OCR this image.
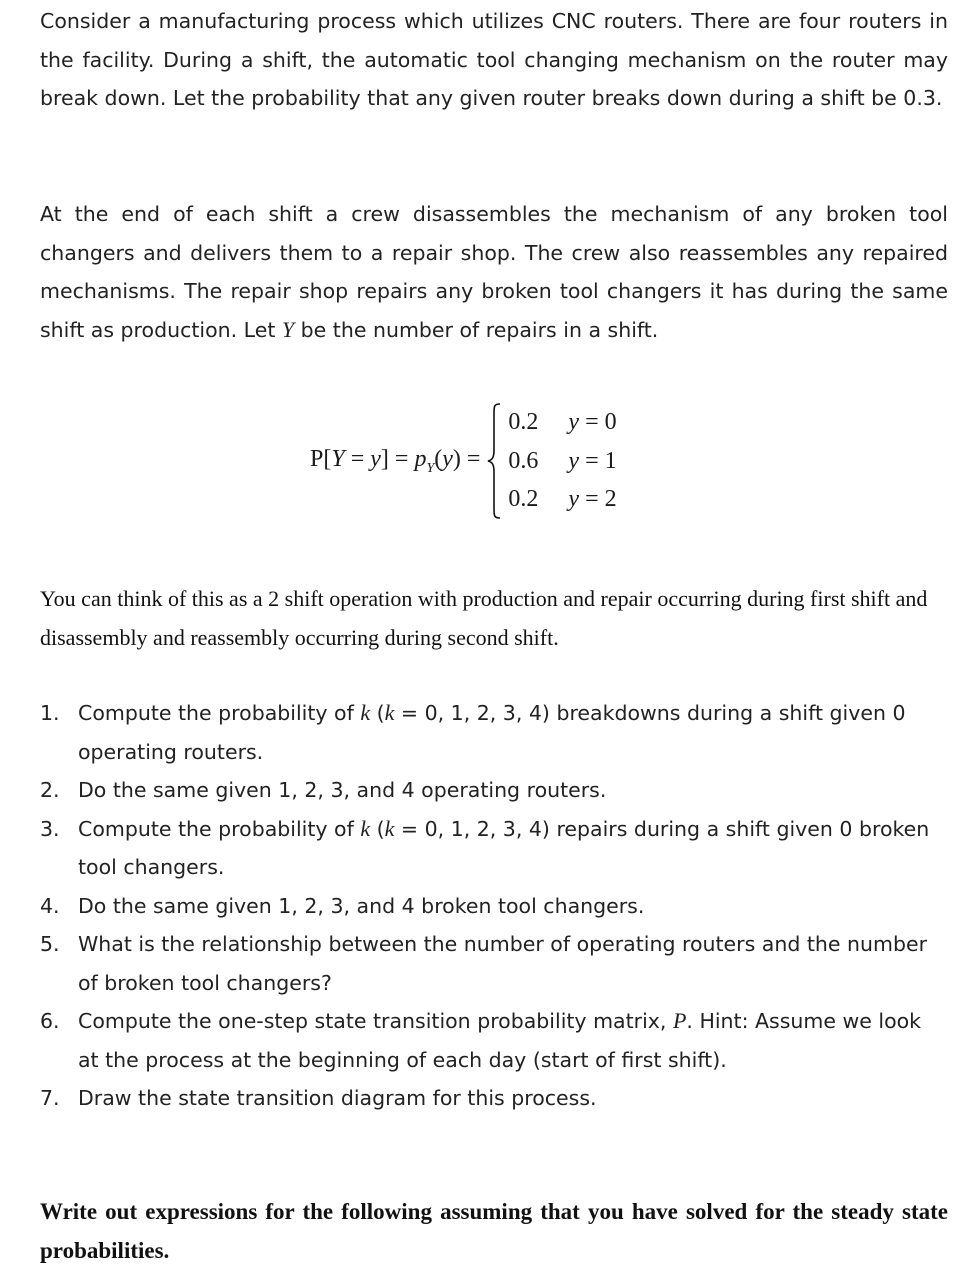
Consider a manufacturing process which utilizes CNC routers. There are four routers in the facility. During a shift, the automatic tool changing mechanism on the router may break down. Let the probability that any given router breaks down during a shift be 0.3.

At the end of each shift a crew disassembles the mechanism of any broken tool changers and delivers them to a repair shop. The crew also reassembles any repaired mechanisms. The repair shop repairs any broken tool changers it has during the same shift as production. Let Y be the number of repairs in a shift.

$P[Y = y] = p_Y(y)$ =
0.2	y = 0
0.6	y = 1
0.2	y = 2

You can think of this as a 2 shift operation with production and repair occurring during first shift and disassembly and reassembly occurring during second shift.

1. Compute the probability of k (k = 0, 1, 2, 3, 4) breakdowns during a shift given 0 operating routers.
2. Do the same given 1, 2, 3, and 4 operating routers.
3. Compute the probability of k (k = 0, 1, 2, 3, 4) repairs during a shift given 0 broken tool changers.
4. Do the same given 1, 2, 3, and 4 broken tool changers.
5. What is the relationship between the number of operating routers and the number of broken tool changers?
6. Compute the one-step state transition probability matrix, P. Hint: Assume we look at the process at the beginning of each day (start of first shift).
7. Draw the state transition diagram for this process.

Write out expressions for the following assuming that you have solved for the steady state probabilities.
